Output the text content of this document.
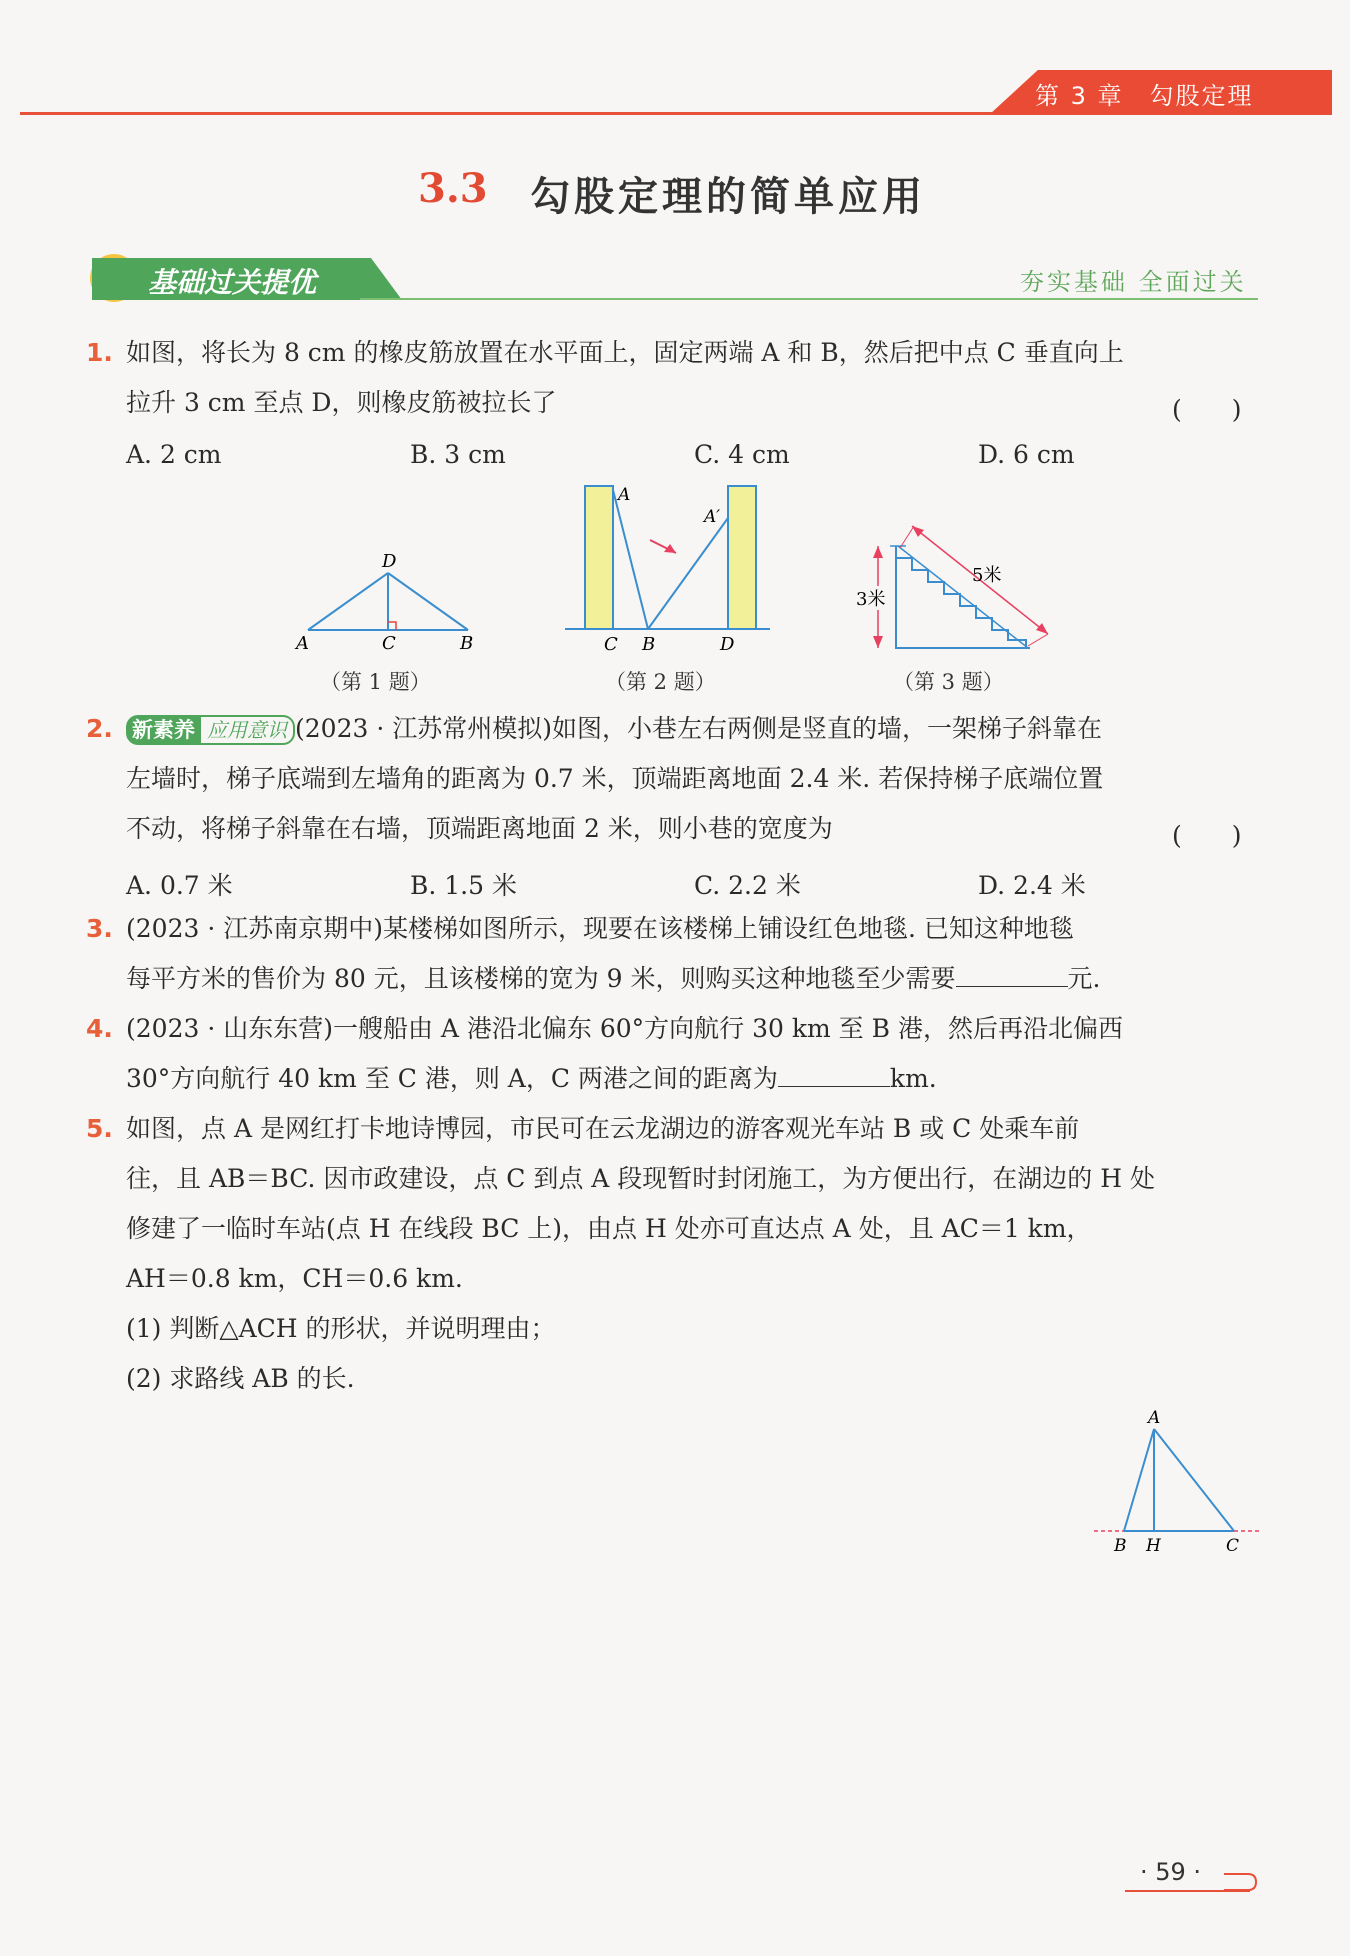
第 3 章　勾股定理
3.3 勾股定理的简单应用
基础过关提优	夯实基础 全面过关
1. 如图，将长为 8 cm 的橡皮筋放置在水平面上，固定两端 A 和 B，然后把中点 C 垂直向上
拉升 3 cm 至点 D，则橡皮筋被拉长了	(　　)
A. 2 cm	B. 3 cm	C. 4 cm	D. 6 cm
D
A	C	B
（第 1 题）
A
A′
C B	D
（第 2 题）
3米
5米
（第 3 题）
2. 新素养 应用意识 (2023 · 江苏常州模拟)如图，小巷左右两侧是竖直的墙，一架梯子斜靠在
左墙时，梯子底端到左墙角的距离为 0.7 米，顶端距离地面 2.4 米. 若保持梯子底端位置
不动，将梯子斜靠在右墙，顶端距离地面 2 米，则小巷的宽度为	(　　)
A. 0.7 米	B. 1.5 米	C. 2.2 米	D. 2.4 米
3. (2023 · 江苏南京期中)某楼梯如图所示，现要在该楼梯上铺设红色地毯. 已知这种地毯
每平方米的售价为 80 元，且该楼梯的宽为 9 米，则购买这种地毯至少需要	元.
4. (2023 · 山东东营)一艘船由 A 港沿北偏东 60°方向航行 30 km 至 B 港，然后再沿北偏西
30°方向航行 40 km 至 C 港，则 A，C 两港之间的距离为	km.
5. 如图，点 A 是网红打卡地诗博园，市民可在云龙湖边的游客观光车站 B 或 C 处乘车前
往，且 AB＝BC. 因市政建设，点 C 到点 A 段现暂时封闭施工，为方便出行，在湖边的 H 处
修建了一临时车站(点 H 在线段 BC 上)，由点 H 处亦可直达点 A 处，且 AC＝1 km，
AH＝0.8 km，CH＝0.6 km.
(1) 判断△ACH 的形状，并说明理由；
(2) 求路线 AB 的长.
A
B H	C
· 59 ·
